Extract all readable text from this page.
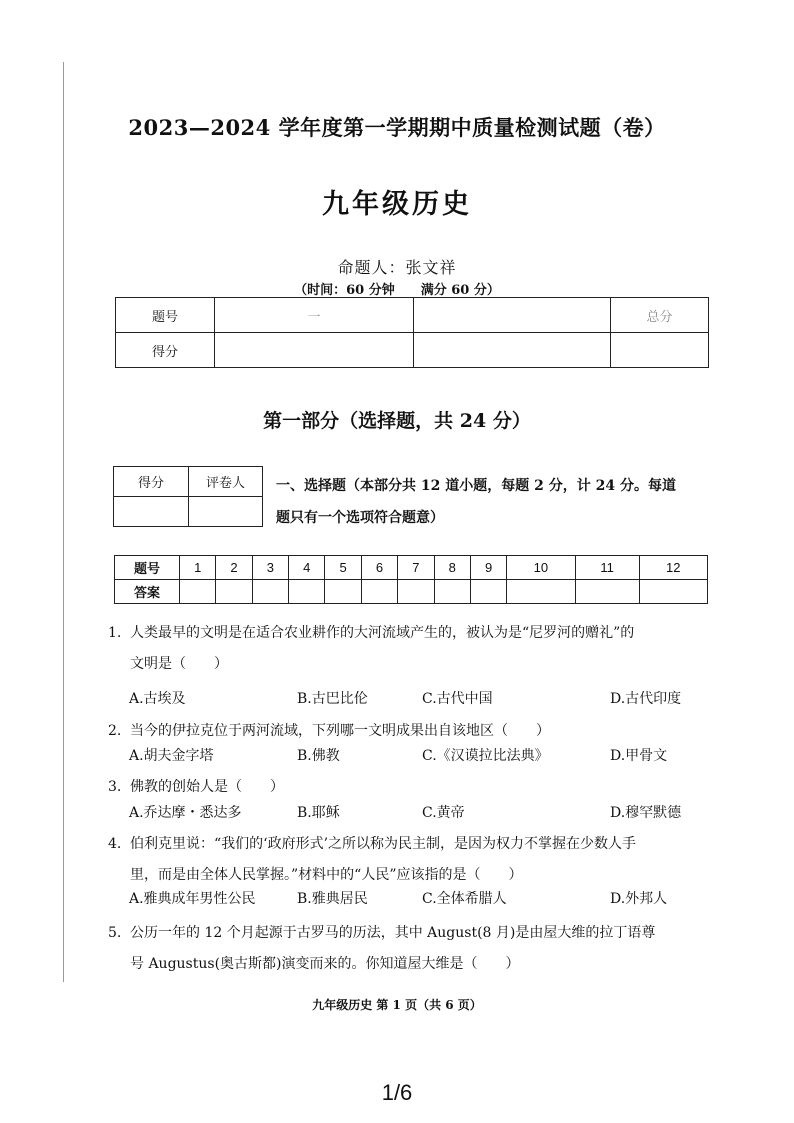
2023—2024 学年度第一学期期中质量检测试题（卷）
九年级历史
命题人：张文祥
（时间：60 分钟 满分 60 分）
题号	一		总分
得分			
第一部分（选择题，共 24 分）
得分	评卷人
	一、选择题（本部分共 12 道小题，每题 2 分，计 24 分。每道
题只有一个选项符合题意）
题号	1	2	3	4	5	6	7	8	9	10	11	12
答案												
1. 人类最早的文明是在适合农业耕作的大河流域产生的，被认为是“尼罗河的赠礼”的
文明是（　　）
A.古埃及	B.古巴比伦	C.古代中国	D.古代印度
2. 当今的伊拉克位于两河流域，下列哪一文明成果出自该地区（　　）
A.胡夫金字塔	B.佛教	C.《汉谟拉比法典》	D.甲骨文
3. 佛教的创始人是（　　）
A.乔达摩・悉达多	B.耶稣	C.黄帝	D.穆罕默德
4. 伯利克里说：“我们的‘政府形式’之所以称为民主制，是因为权力不掌握在少数人手
里，而是由全体人民掌握。”材料中的“人民”应该指的是（　　）
A.雅典成年男性公民	B.雅典居民	C.全体希腊人	D.外邦人
5. 公历一年的 12 个月起源于古罗马的历法，其中 August(8 月)是由屋大维的拉丁语尊
号 Augustus(奥古斯都)演变而来的。你知道屋大维是（　　）
九年级历史 第 1 页（共 6 页）
1/6
